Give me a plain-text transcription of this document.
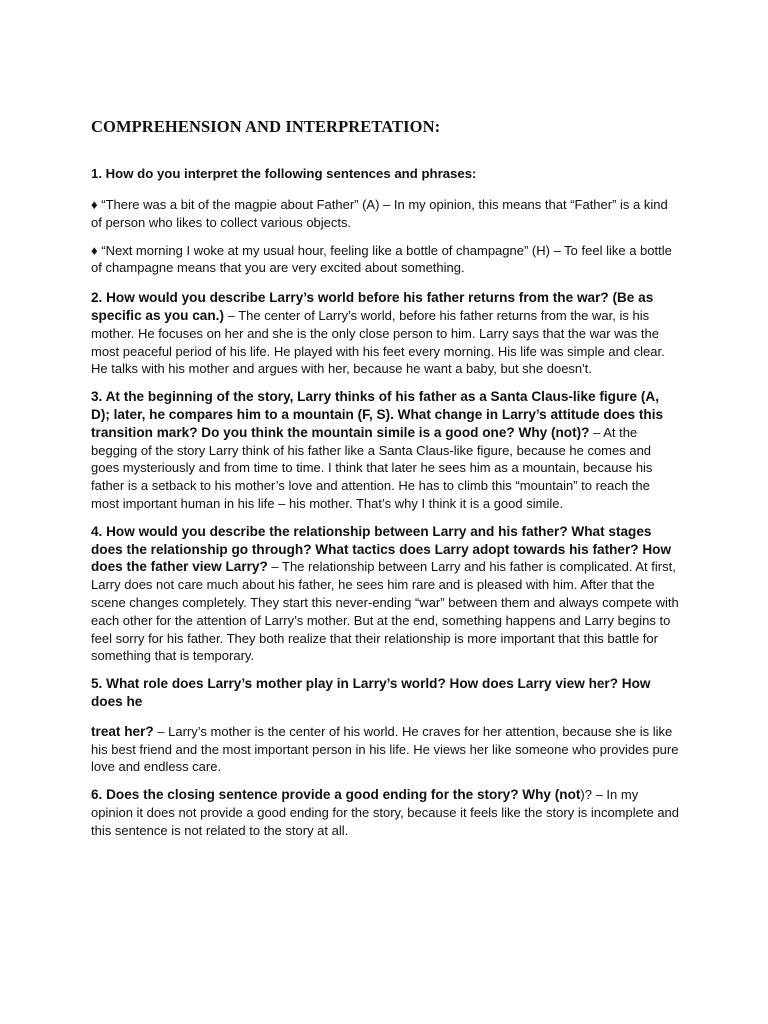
COMPREHENSION AND INTERPRETATION:

1. How do you interpret the following sentences and phrases:

♦ “There was a bit of the magpie about Father” (A) – In my opinion, this means that “Father” is a kind of person who likes to collect various objects.

♦ “Next morning I woke at my usual hour, feeling like a bottle of champagne” (H) – To feel like a bottle of champagne means that you are very excited about something.

2. How would you describe Larry’s world before his father returns from the war? (Be as specific as you can.) – The center of Larry’s world, before his father returns from the war, is his mother. He focuses on her and she is the only close person to him. Larry says that the war was the most peaceful period of his life. He played with his feet every morning. His life was simple and clear. He talks with his mother and argues with her, because he want a baby, but she doesn't.

3. At the beginning of the story, Larry thinks of his father as a Santa Claus-like figure (A, D); later, he compares him to a mountain (F, S). What change in Larry’s attitude does this transition mark? Do you think the mountain simile is a good one? Why (not)? – At the begging of the story Larry think of his father like a Santa Claus-like figure, because he comes and goes mysteriously and from time to time. I think that later he sees him as a mountain, because his father is a setback to his mother’s love and attention. He has to climb this “mountain” to reach the most important human in his life – his mother. That’s why I think it is a good simile.

4. How would you describe the relationship between Larry and his father? What stages does the relationship go through? What tactics does Larry adopt towards his father? How does the father view Larry? – The relationship between Larry and his father is complicated. At first, Larry does not care much about his father, he sees him rare and is pleased with him. After that the scene changes completely. They start this never-ending “war” between them and always compete with each other for the attention of Larry’s mother. But at the end, something happens and Larry begins to feel sorry for his father. They both realize that their relationship is more important that this battle for something that is temporary.

5. What role does Larry’s mother play in Larry’s world? How does Larry view her? How does he

treat her? – Larry’s mother is the center of his world. He craves for her attention, because she is like his best friend and the most important person in his life. He views her like someone who provides pure love and endless care.

6. Does the closing sentence provide a good ending for the story? Why (not)? – In my opinion it does not provide a good ending for the story, because it feels like the story is incomplete and this sentence is not related to the story at all.
